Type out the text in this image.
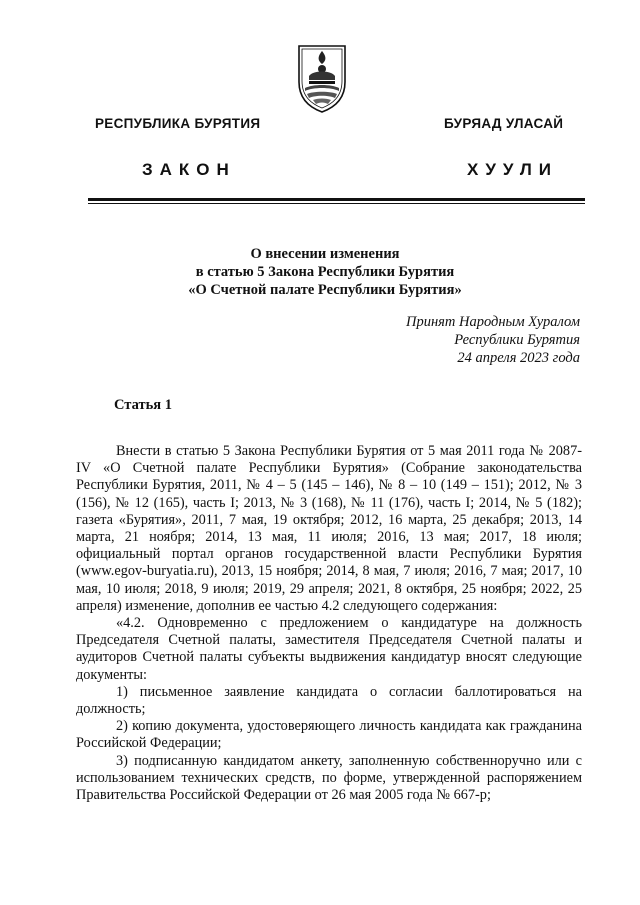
РЕСПУБЛИКА БУРЯТИЯ	БУРЯАД УЛАСАЙ
ЗАКОН	ХУУЛИ
О внесении изменения
в статью 5 Закона Республики Бурятия
«О Счетной палате Республики Бурятия»
Принят Народным Хуралом
Республики Бурятия
24 апреля 2023 года
Статья 1

Внести в статью 5 Закона Республики Бурятия от 5 мая 2011 года № 2087-IV «О Счетной палате Республики Бурятия» (Собрание законодательства Республики Бурятия, 2011, № 4 – 5 (145 – 146), № 8 – 10 (149 – 151); 2012, № 3 (156), № 12 (165), часть I; 2013, № 3 (168), № 11 (176), часть I; 2014, № 5 (182); газета «Бурятия», 2011, 7 мая, 19 октября; 2012, 16 марта, 25 декабря; 2013, 14 марта, 21 ноября; 2014, 13 мая, 11 июля; 2016, 13 мая; 2017, 18 июля; официальный портал органов государственной власти Республики Бурятия (www.egov-buryatia.ru), 2013, 15 ноября; 2014, 8 мая, 7 июля; 2016, 7 мая; 2017, 10 мая, 10 июля; 2018, 9 июля; 2019, 29 апреля; 2021, 8 октября, 25 ноября; 2022, 25 апреля) изменение, дополнив ее частью 4.2 следующего содержания:

«4.2. Одновременно с предложением о кандидатуре на должность Председателя Счетной палаты, заместителя Председателя Счетной палаты и аудиторов Счетной палаты субъекты выдвижения кандидатур вносят следующие документы:

1) письменное заявление кандидата о согласии баллотироваться на должность;

2) копию документа, удостоверяющего личность кандидата как гражданина Российской Федерации;

3) подписанную кандидатом анкету, заполненную собственноручно или с использованием технических средств, по форме, утвержденной распоряжением Правительства Российской Федерации от 26 мая 2005 года № 667-р;
